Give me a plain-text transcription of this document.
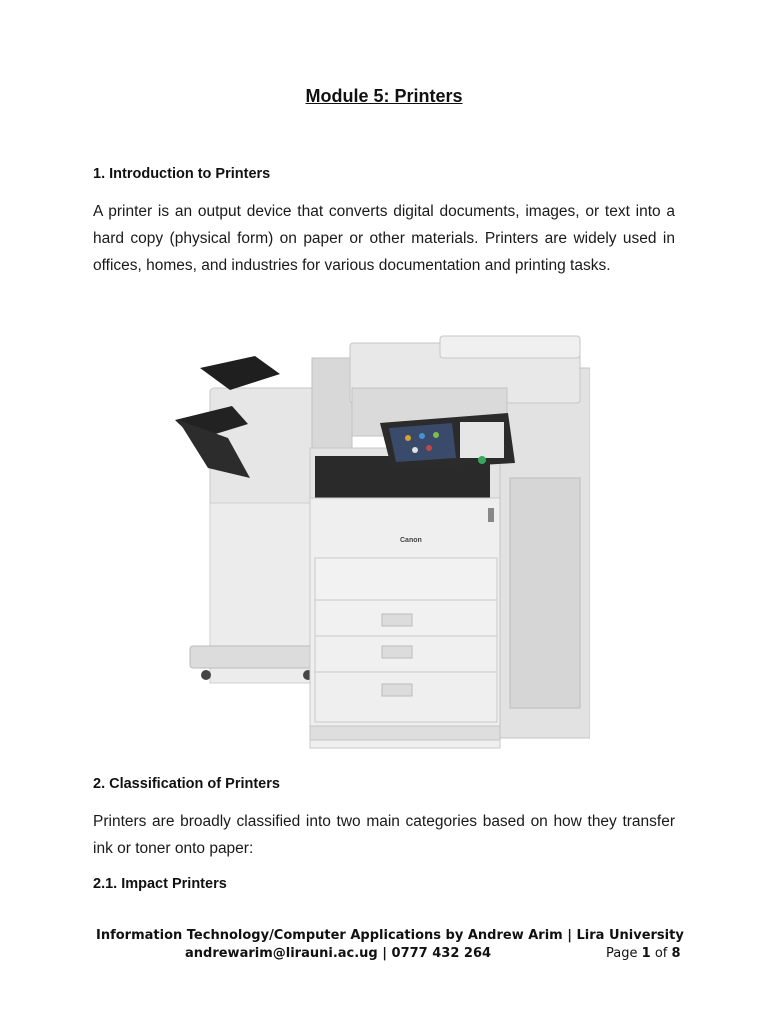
Module 5: Printers
1. Introduction to Printers
A printer is an output device that converts digital documents, images, or text into a hard copy (physical form) on paper or other materials. Printers are widely used in offices, homes, and industries for various documentation and printing tasks.
Canon
2. Classification of Printers
Printers are broadly classified into two main categories based on how they transfer ink or toner onto paper:
2.1. Impact Printers
Information Technology/Computer Applications by Andrew Arim | Lira University
andrewarim@lirauni.ac.ug | 0777 432 264	Page 1 of 8
